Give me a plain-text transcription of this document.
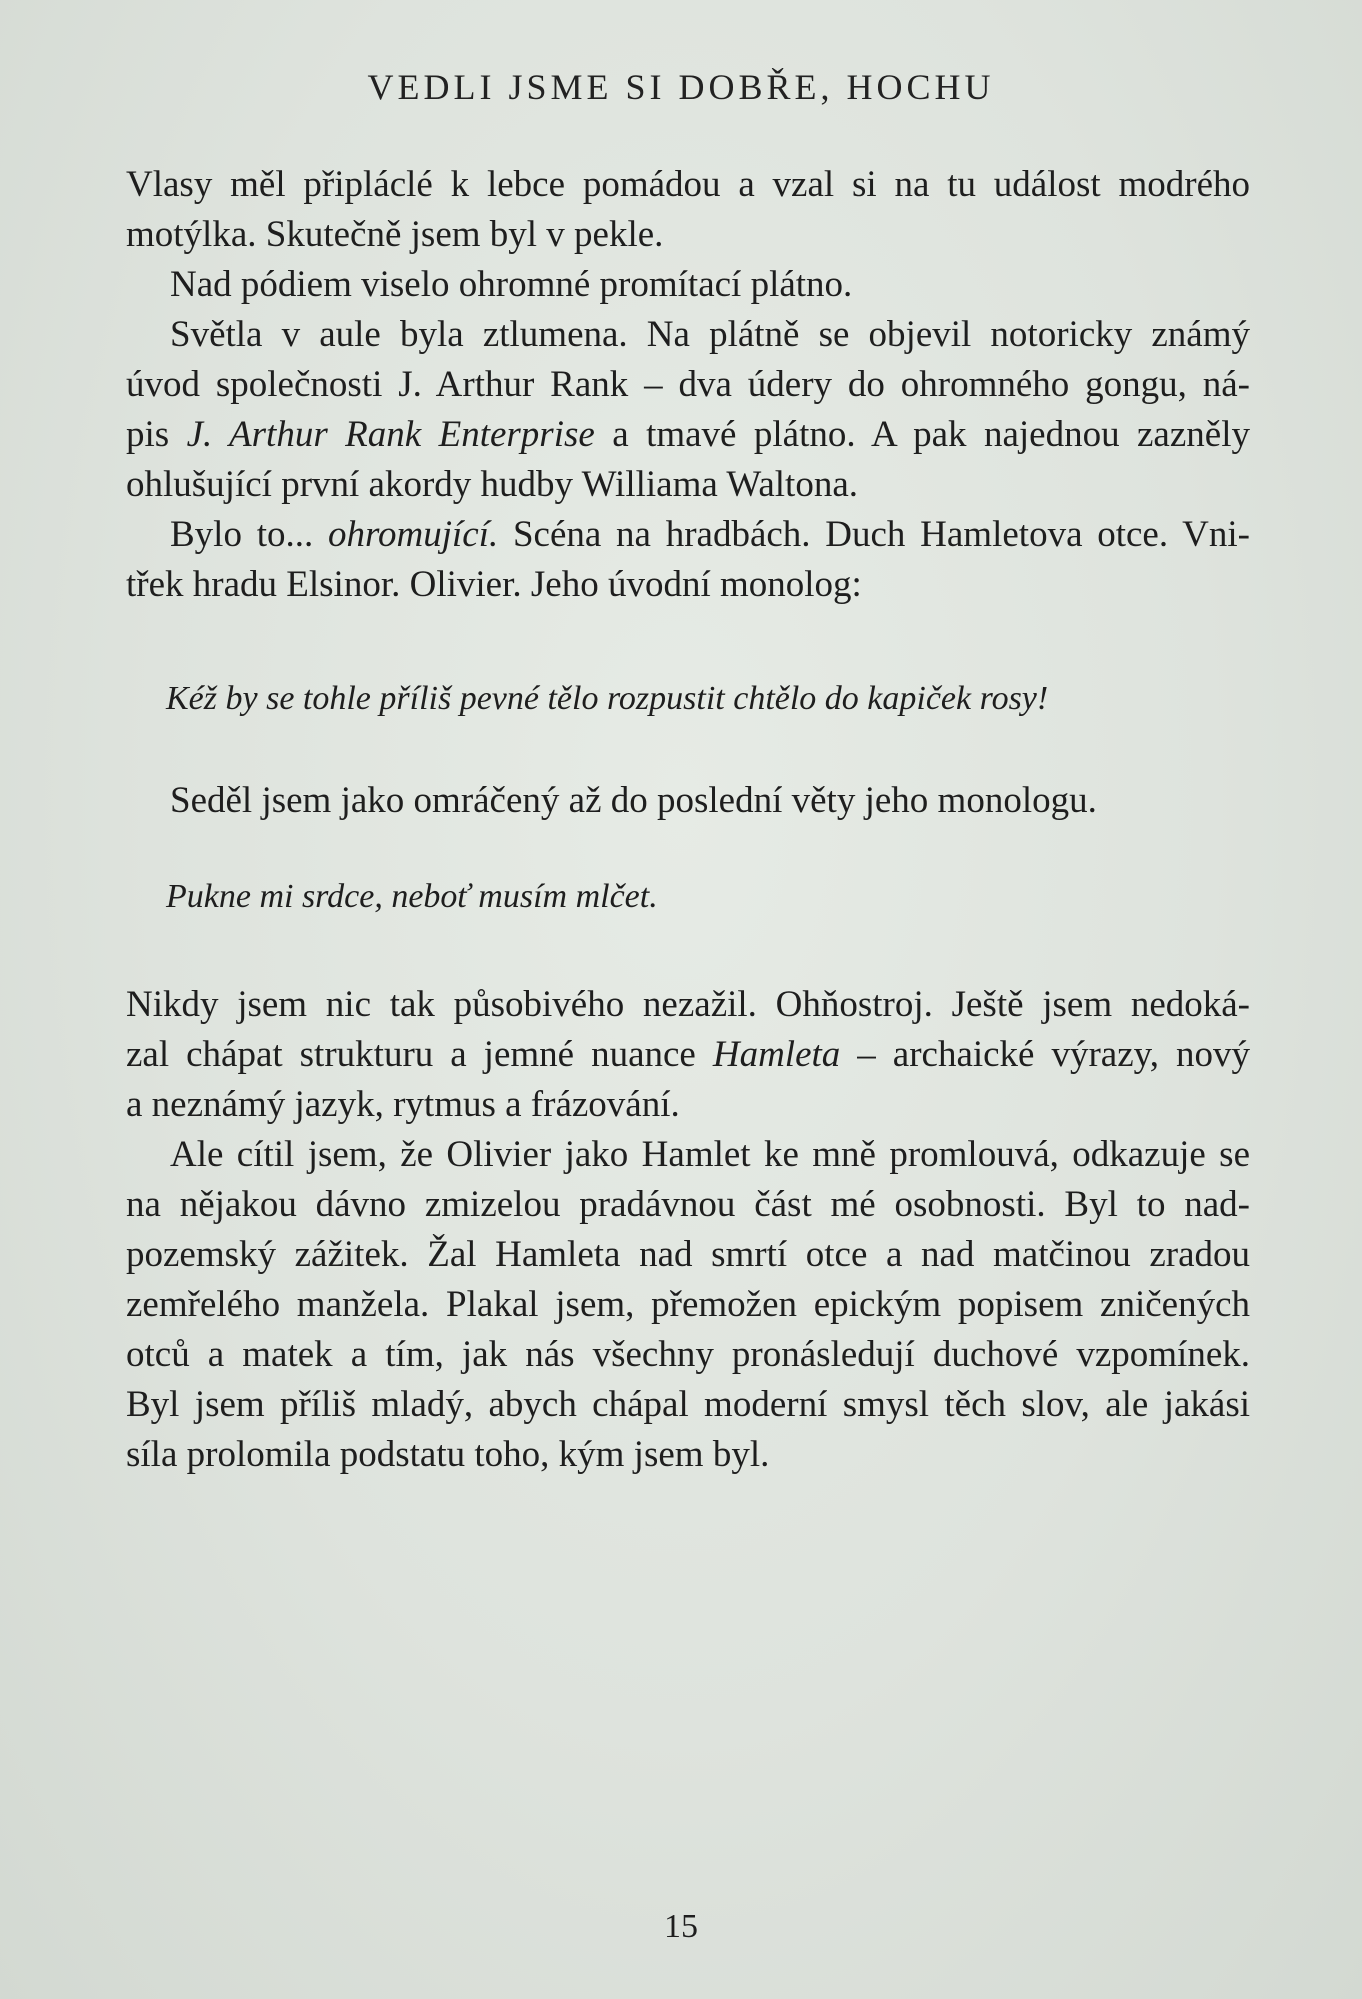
VEDLI JSME SI DOBŘE, HOCHU
Vlasy měl připláclé k lebce pomádou a vzal si na tu událost modrého
motýlka. Skutečně jsem byl v pekle.
Nad pódiem viselo ohromné promítací plátno.
Světla v aule byla ztlumena. Na plátně se objevil notoricky známý
úvod společnosti J. Arthur Rank – dva údery do ohromného gongu, ná-
pis J. Arthur Rank Enterprise a tmavé plátno. A pak najednou zazněly
ohlušující první akordy hudby Williama Waltona.
Bylo to... ohromující. Scéna na hradbách. Duch Hamletova otce. Vni-
třek hradu Elsinor. Olivier. Jeho úvodní monolog:
Kéž by se tohle příliš pevné tělo rozpustit chtělo do kapiček rosy!
Seděl jsem jako omráčený až do poslední věty jeho monologu.
Pukne mi srdce, neboť musím mlčet.
Nikdy jsem nic tak působivého nezažil. Ohňostroj. Ještě jsem nedoká-
zal chápat strukturu a jemné nuance Hamleta – archaické výrazy, nový
a neznámý jazyk, rytmus a frázování.
Ale cítil jsem, že Olivier jako Hamlet ke mně promlouvá, odkazuje se
na nějakou dávno zmizelou pradávnou část mé osobnosti. Byl to nad-
pozemský zážitek. Žal Hamleta nad smrtí otce a nad matčinou zradou
zemřelého manžela. Plakal jsem, přemožen epickým popisem zničených
otců a matek a tím, jak nás všechny pronásledují duchové vzpomínek.
Byl jsem příliš mladý, abych chápal moderní smysl těch slov, ale jakási
síla prolomila podstatu toho, kým jsem byl.
15
